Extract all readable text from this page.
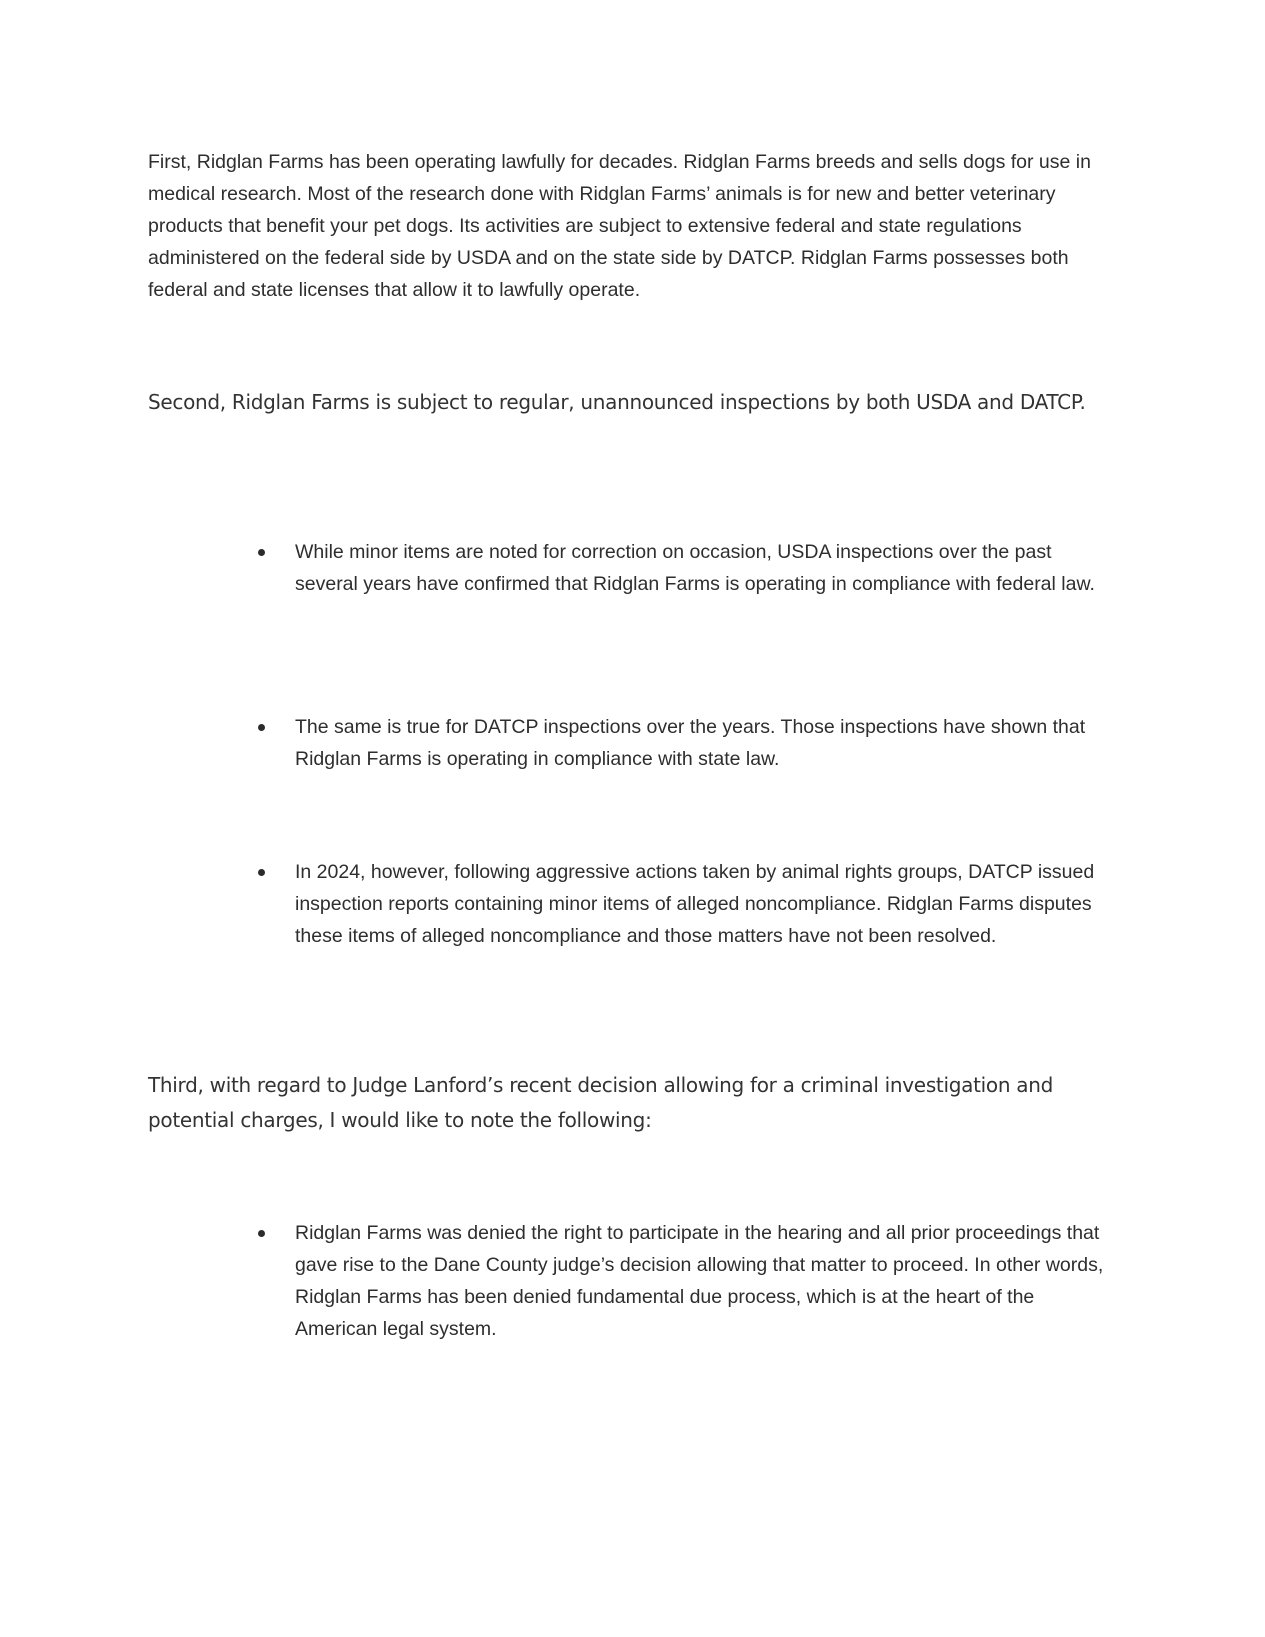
First, Ridglan Farms has been operating lawfully for decades. Ridglan Farms breeds and sells dogs for use in medical research. Most of the research done with Ridglan Farms’ animals is for new and better veterinary products that benefit your pet dogs. Its activities are subject to extensive federal and state regulations administered on the federal side by USDA and on the state side by DATCP. Ridglan Farms possesses both federal and state licenses that allow it to lawfully operate.

Second, Ridglan Farms is subject to regular, unannounced inspections by both USDA and DATCP.

While minor items are noted for correction on occasion, USDA inspections over the past several years have confirmed that Ridglan Farms is operating in compliance with federal law.
The same is true for DATCP inspections over the years. Those inspections have shown that Ridglan Farms is operating in compliance with state law.
In 2024, however, following aggressive actions taken by animal rights groups, DATCP issued inspection reports containing minor items of alleged noncompliance. Ridglan Farms disputes these items of alleged noncompliance and those matters have not been resolved.

Third, with regard to Judge Lanford’s recent decision allowing for a criminal investigation and potential charges, I would like to note the following:

Ridglan Farms was denied the right to participate in the hearing and all prior proceedings that gave rise to the Dane County judge’s decision allowing that matter to proceed. In other words, Ridglan Farms has been denied fundamental due process, which is at the heart of the American legal system.
